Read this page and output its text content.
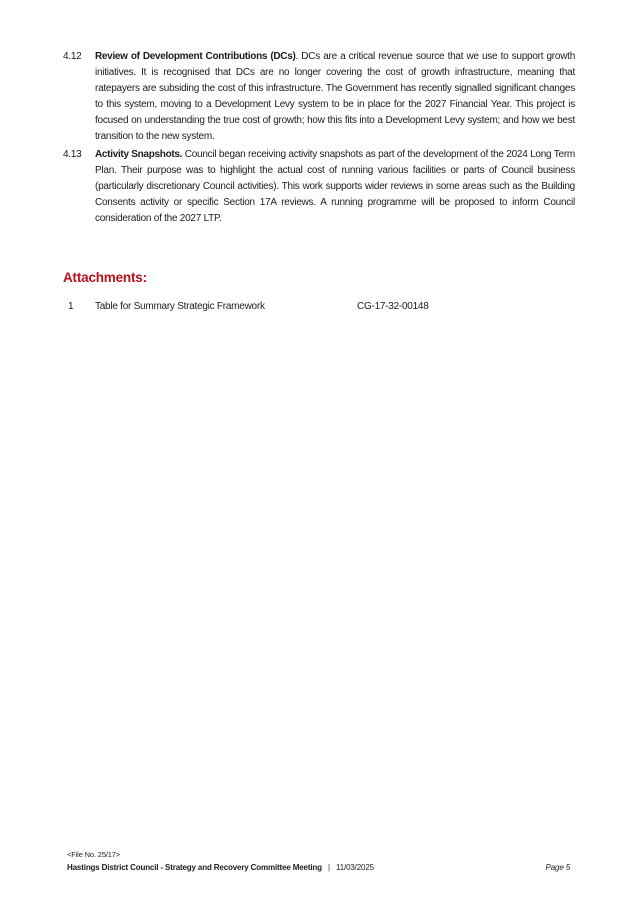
4.12	Review of Development Contributions (DCs). DCs are a critical revenue source that we use to support growth initiatives. It is recognised that DCs are no longer covering the cost of growth infrastructure, meaning that ratepayers are subsiding the cost of this infrastructure. The Government has recently signalled significant changes to this system, moving to a Development Levy system to be in place for the 2027 Financial Year. This project is focused on understanding the true cost of growth; how this fits into a Development Levy system; and how we best transition to the new system.

4.13	Activity Snapshots. Council began receiving activity snapshots as part of the development of the 2024 Long Term Plan. Their purpose was to highlight the actual cost of running various facilities or parts of Council business (particularly discretionary Council activities). This work supports wider reviews in some areas such as the Building Consents activity or specific Section 17A reviews. A running programme will be proposed to inform Council consideration of the 2027 LTP.

Attachments:
1	Table for Summary Strategic Framework	CG-17-32-00148
<File No. 25/17>
Hastings District Council - Strategy and Recovery Committee Meeting | 11/03/2025	Page 5
